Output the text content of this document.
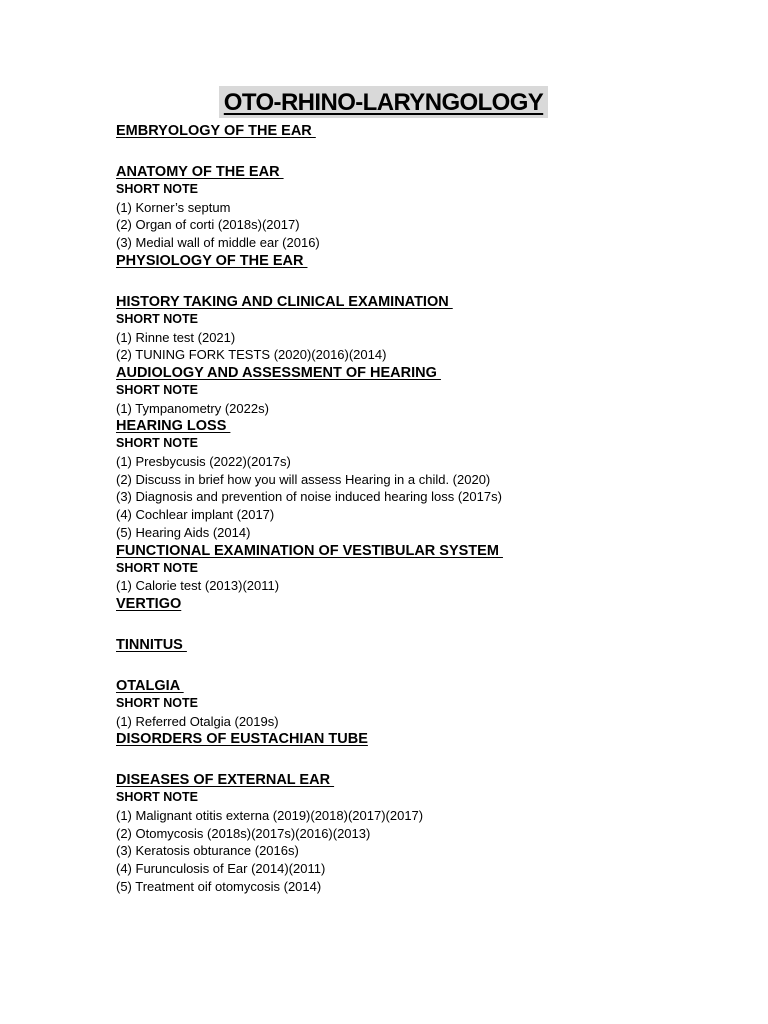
OTO-RHINO-LARYNGOLOGY
EMBRYOLOGY OF THE EAR
ANATOMY OF THE EAR
SHORT NOTE
(1) Korner’s septum
(2) Organ of corti (2018s)(2017)
(3) Medial wall of middle ear (2016)
PHYSIOLOGY OF THE EAR
HISTORY TAKING AND CLINICAL EXAMINATION
SHORT NOTE
(1) Rinne test (2021)
(2) TUNING FORK TESTS (2020)(2016)(2014)
AUDIOLOGY AND ASSESSMENT OF HEARING
SHORT NOTE
(1) Tympanometry (2022s)
HEARING LOSS
SHORT NOTE
(1) Presbycusis (2022)(2017s)
(2) Discuss in brief how you will assess Hearing in a child. (2020)
(3) Diagnosis and prevention of noise induced hearing loss (2017s)
(4) Cochlear implant (2017)
(5) Hearing Aids (2014)
FUNCTIONAL EXAMINATION OF VESTIBULAR SYSTEM
SHORT NOTE
(1) Calorie test (2013)(2011)
VERTIGO
TINNITUS
OTALGIA
SHORT NOTE
(1) Referred Otalgia (2019s)
DISORDERS OF EUSTACHIAN TUBE
DISEASES OF EXTERNAL EAR
SHORT NOTE
(1) Malignant otitis externa (2019)(2018)(2017)(2017)
(2) Otomycosis (2018s)(2017s)(2016)(2013)
(3) Keratosis obturance (2016s)
(4) Furunculosis of Ear (2014)(2011)
(5) Treatment oif otomycosis (2014)
